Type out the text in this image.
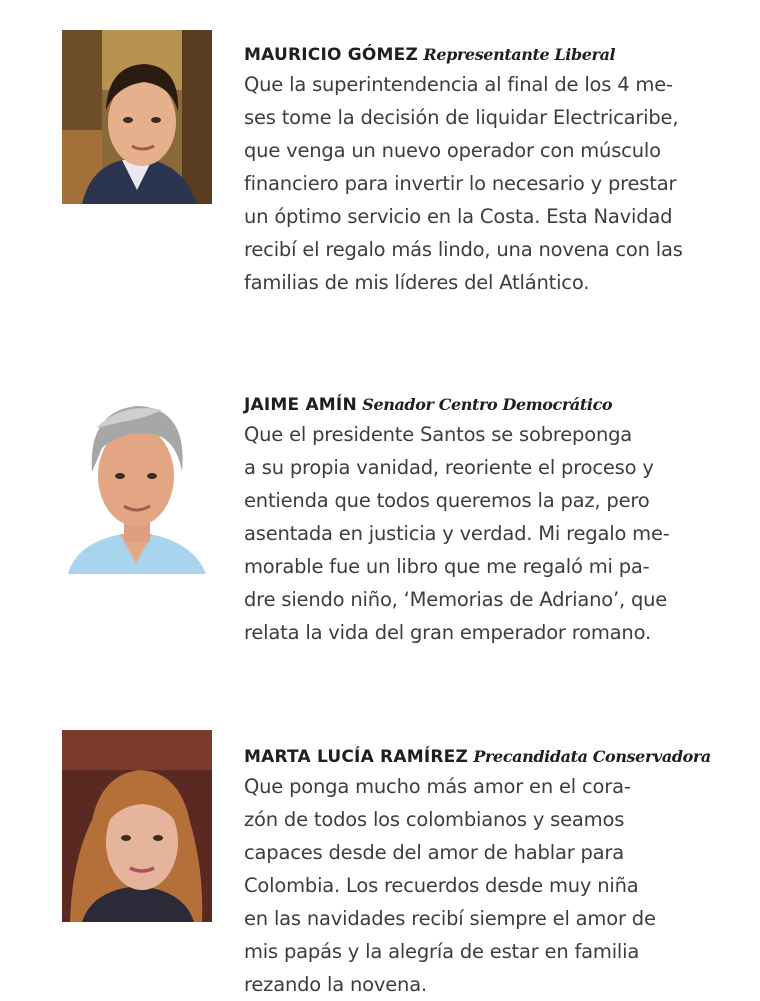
MAURICIO GÓMEZ Representante Liberal
Que la superintendencia al final de los 4 me-
ses tome la decisión de liquidar Electricaribe,
que venga un nuevo operador con músculo
financiero para invertir lo necesario y prestar
un óptimo servicio en la Costa. Esta Navidad
recibí el regalo más lindo, una novena con las
familias de mis líderes del Atlántico.
JAIME AMÍN Senador Centro Democrático
Que el presidente Santos se sobreponga
a su propia vanidad, reoriente el proceso y
entienda que todos queremos la paz, pero
asentada en justicia y verdad. Mi regalo me-
morable fue un libro que me regaló mi pa-
dre siendo niño, ‘Memorias de Adriano’, que
relata la vida del gran emperador romano.
MARTA LUCÍA RAMÍREZ Precandidata Conservadora
Que ponga mucho más amor en el cora-
zón de todos los colombianos y seamos
capaces desde del amor de hablar para
Colombia. Los recuerdos desde muy niña
en las navidades recibí siempre el amor de
mis papás y la alegría de estar en familia
rezando la novena.
